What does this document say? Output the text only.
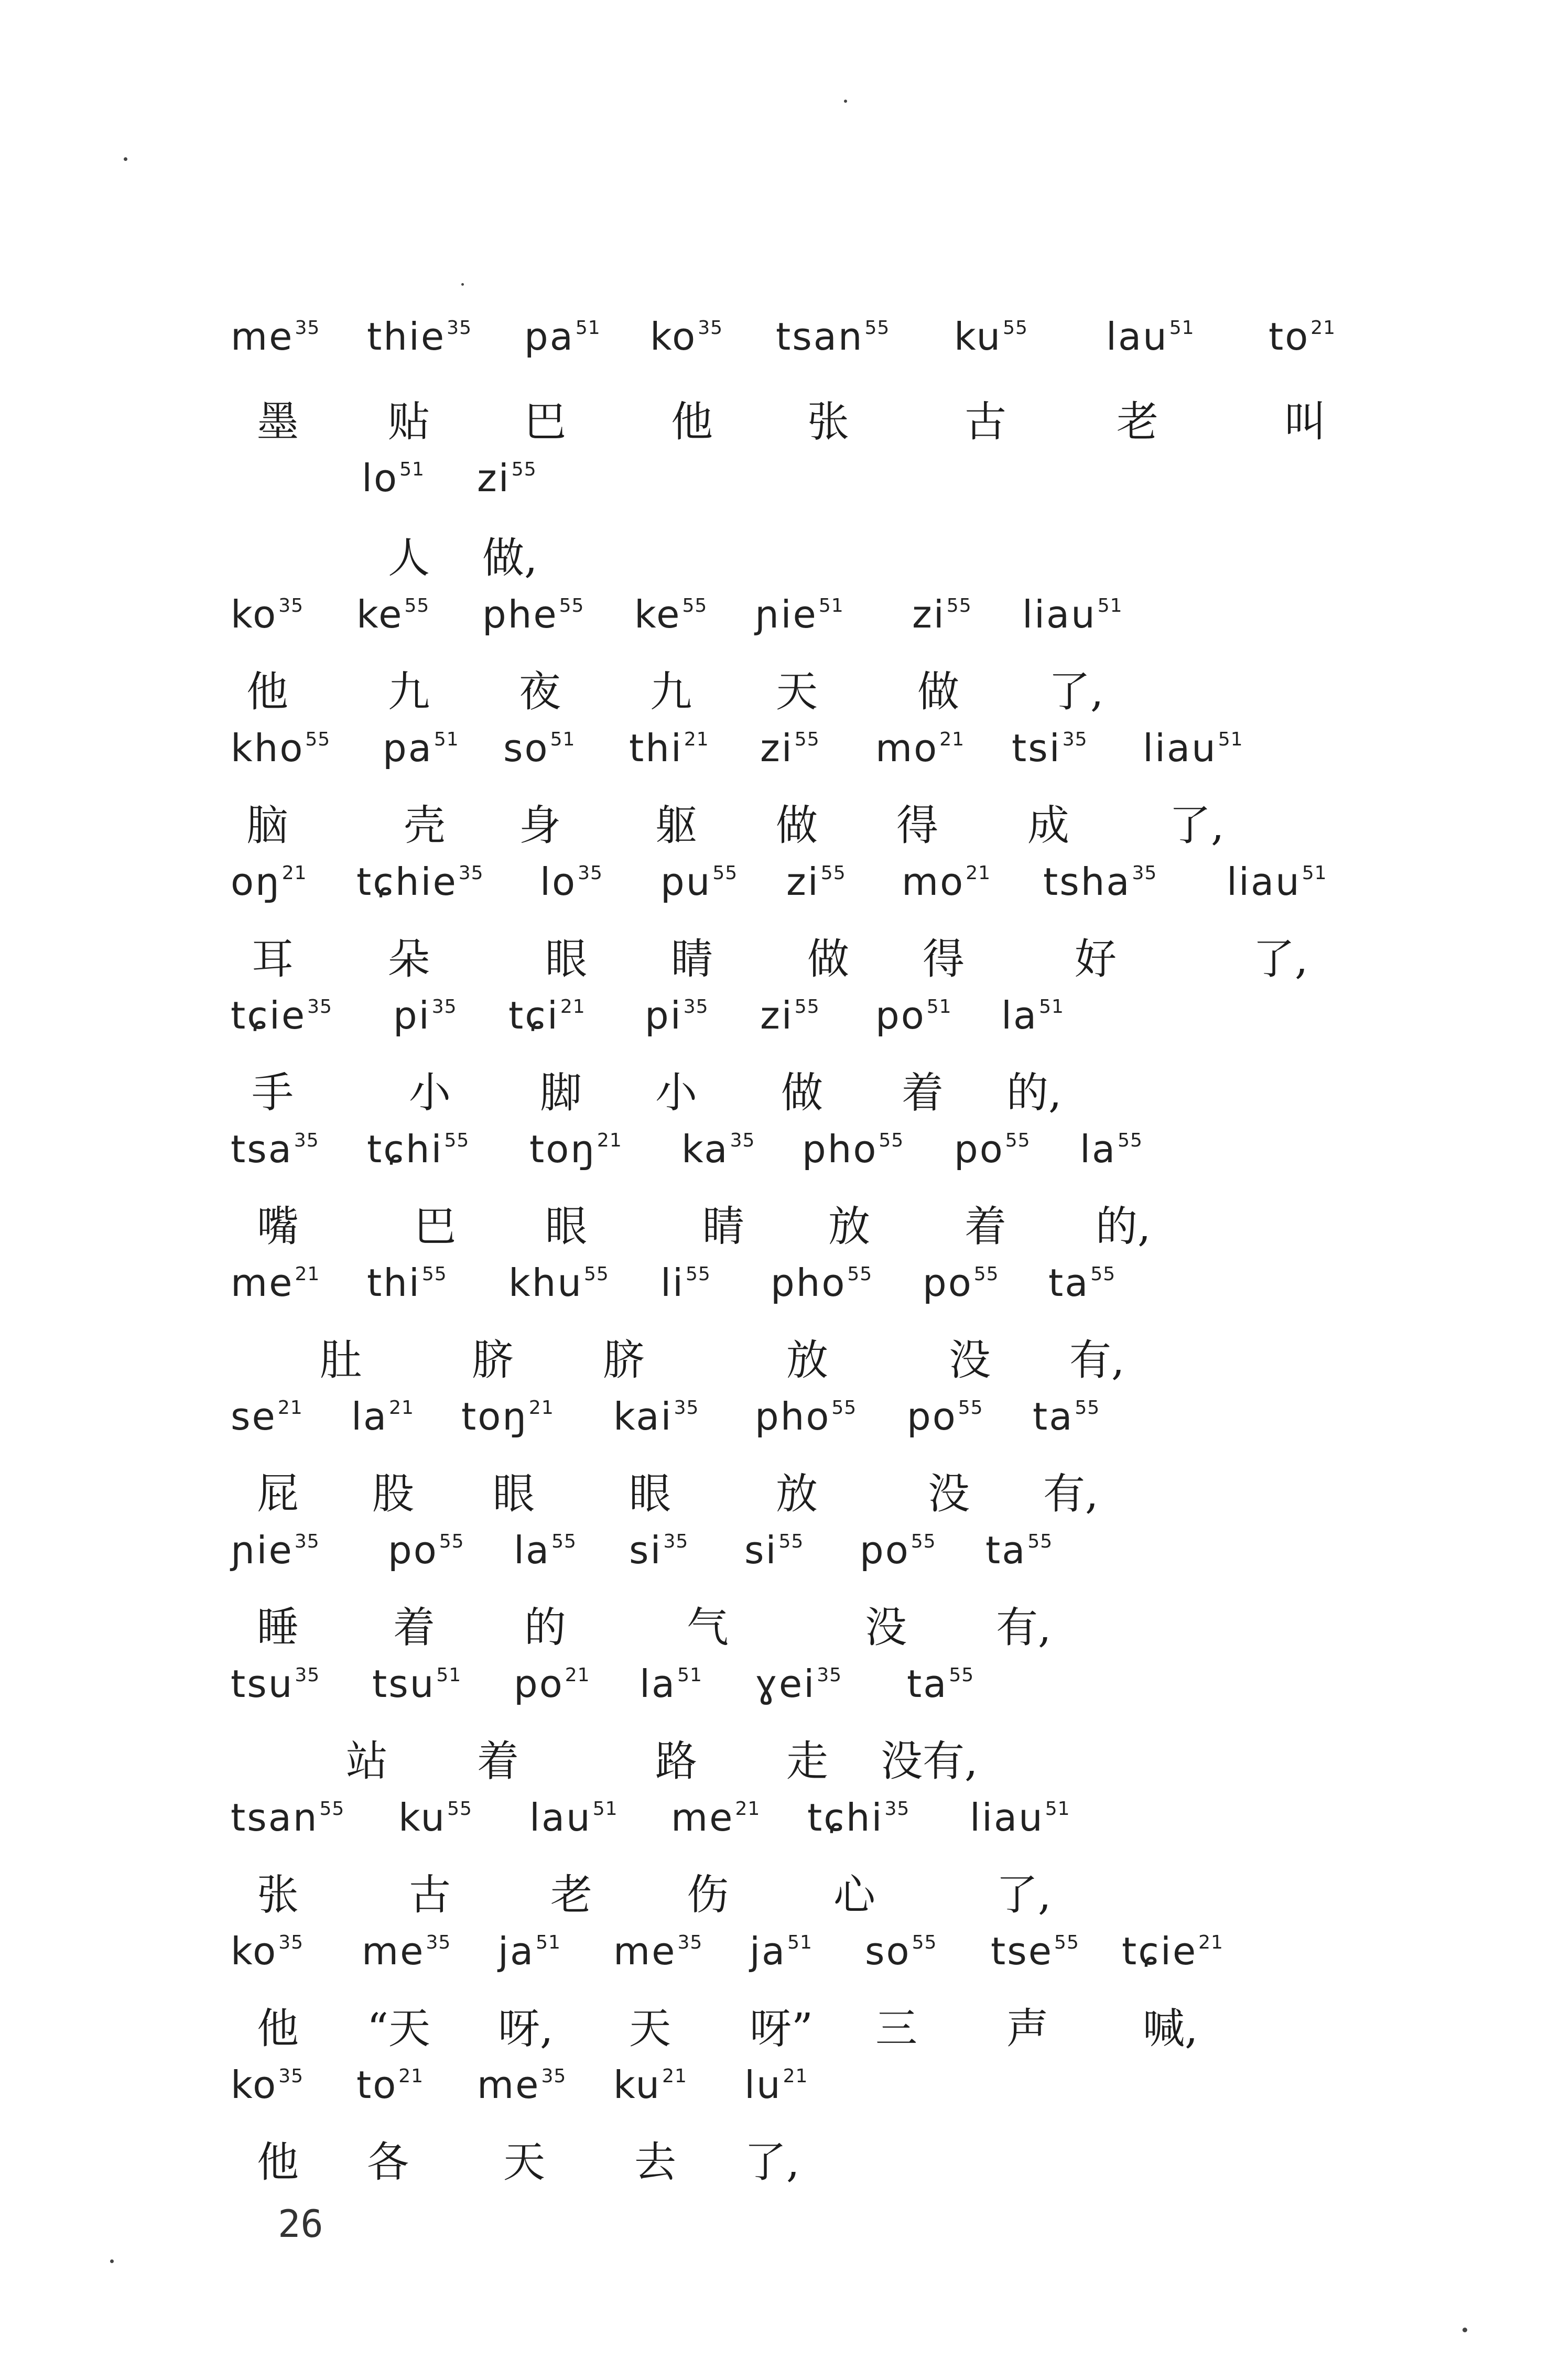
$me^{35}$ thie$^{35}$ $pa^{51}$ $ko^{35}$ tsan$^{55}$ $ku^{55}$ lau$^{51}$ $to^{21}$
墨 贴 巴	他 张	古	老	叫
$lo^{51}$ $zi^{55}$
人 做,
$ko^{35}$ $ke^{55}$ phe$^{55}$ $ke^{55}$ ɲie$^{51}$ $zi^{55}$ liau$^{51}$
他 九 夜 九 天 做 了,
kho$^{55}$ $pa^{51}$ $so^{51}$ thi$^{21}$ $zi^{55}$ $mo^{21}$ tsi$^{35}$ liau$^{51}$
脑	壳 身 躯 做 得 成 了,
$oŋ^{21}$ tɕhie$^{35}$ $lo^{35}$ $pu^{55}$ $zi^{55}$ $mo^{21}$ tsha$^{35}$ liau$^{51}$
耳 朵	眼 睛 做 得	好	了,
tɕie$^{35}$ $pi^{35}$ tɕi$^{21}$ $pi^{35}$ $zi^{55}$ $po^{51}$ $la^{51}$
手	小 脚 小 做 着 的,
tsa$^{35}$ tɕhi$^{55}$ toŋ$^{21}$ $ka^{35}$ pho$^{55}$ $po^{55}$ $la^{55}$
嘴	巴 眼	睛 放 着 的,
$me^{21}$ thi$^{55}$ khu$^{55}$ $li^{55}$ pho$^{55}$ $po^{55}$ $ta^{55}$
肚	脐 脐	放	没 有,
$se^{21}$ $la^{21}$ toŋ$^{21}$ kai$^{35}$ pho$^{55}$ $po^{55}$ $ta^{55}$
屁 股 眼 眼	放	没 有,
ɲie$^{35}$ $po^{55}$ $la^{55}$ $si^{35}$ $si^{55}$ $po^{55}$ $ta^{55}$
睡 着 的	气	没 有,
tsu$^{35}$ tsu$^{51}$ $po^{21}$ $la^{51}$ ɣei$^{35}$ $ta^{55}$
站 着	路 走 没有,
tsan$^{55}$ $ku^{55}$ lau$^{51}$ $me^{21}$ tɕhi$^{35}$ liau$^{51}$
张	古 老 伤	心	了,
$ko^{35}$ $me^{35}$ $ja^{51}$ $me^{35}$ $ja^{51}$ $so^{55}$ tse$^{55}$ tɕie$^{21}$
他 “天 呀, 天 呀” 三 声 喊,
$ko^{35}$ $to^{21}$ $me^{35}$ $ku^{21}$ $lu^{21}$
他 各 天 去 了,
26
